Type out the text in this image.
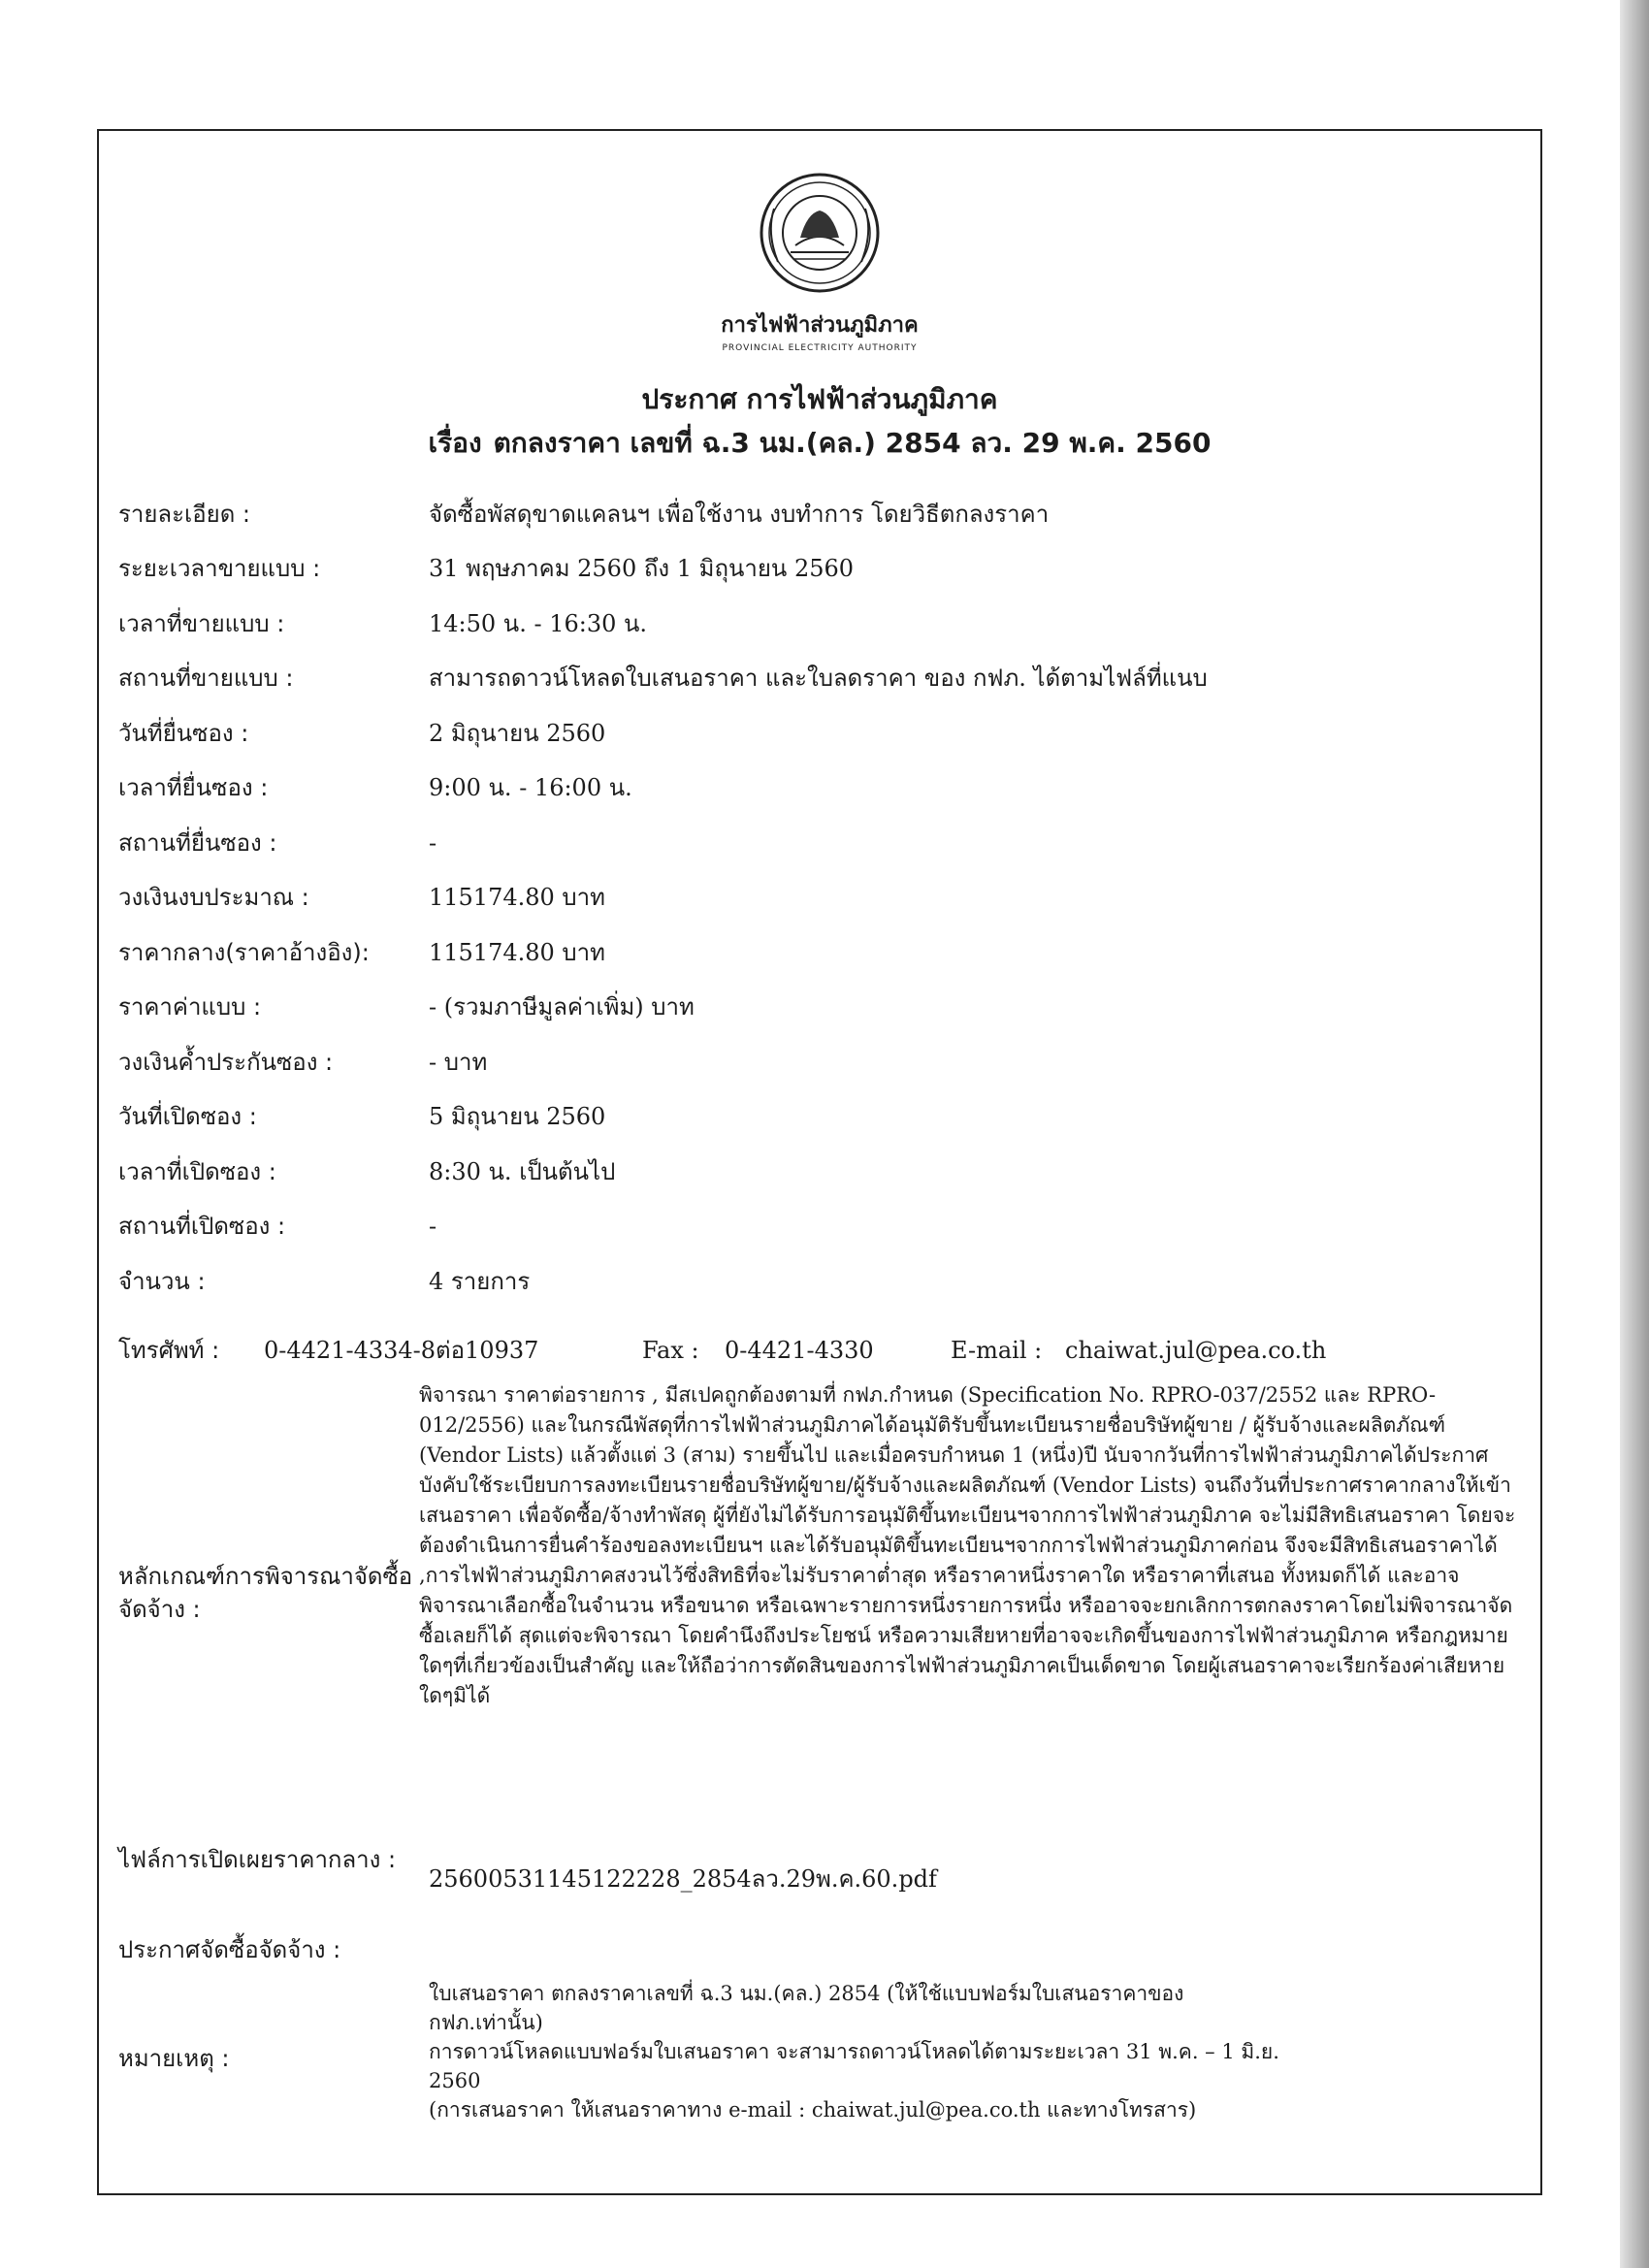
การไฟฟ้าส่วนภูมิภาค
PROVINCIAL ELECTRICITY AUTHORITY
ประกาศ การไฟฟ้าส่วนภูมิภาค
เรื่อง ตกลงราคา เลขที่ ฉ.3 นม.(คล.) 2854 ลว. 29 พ.ค. 2560
รายละเอียด :	จัดซื้อพัสดุขาดแคลนฯ เพื่อใช้งาน งบทำการ โดยวิธีตกลงราคา
ระยะเวลาขายแบบ :	31 พฤษภาคม 2560 ถึง 1 มิถุนายน 2560
เวลาที่ขายแบบ :	14:50 น. - 16:30 น.
สถานที่ขายแบบ :	สามารถดาวน์โหลดใบเสนอราคา และใบลดราคา ของ กฟภ. ได้ตามไฟล์ที่แนบ
วันที่ยื่นซอง :	2 มิถุนายน 2560
เวลาที่ยื่นซอง :	9:00 น. - 16:00 น.
สถานที่ยื่นซอง :	-
วงเงินงบประมาณ :	115174.80 บาท
ราคากลาง(ราคาอ้างอิง):	115174.80 บาท
ราคาค่าแบบ :	- (รวมภาษีมูลค่าเพิ่ม) บาท
วงเงินค้ำประกันซอง :	- บาท
วันที่เปิดซอง :	5 มิถุนายน 2560
เวลาที่เปิดซอง :	8:30 น. เป็นต้นไป
สถานที่เปิดซอง :	-
จำนวน :	4 รายการ
โทรศัพท์ : 0-4421-4334-8ต่อ10937	Fax : 0-4421-4330	E-mail : chaiwat.jul@pea.co.th
หลักเกณฑ์การพิจารณาจัดซื้อจัดจ้าง :
พิจารณา ราคาต่อรายการ , มีสเปคถูกต้องตามที่ กฟภ.กำหนด (Specification No. RPRO-037/2552 และ RPRO-012/2556) และในกรณีพัสดุที่การไฟฟ้าส่วนภูมิภาคได้อนุมัติรับขึ้นทะเบียนรายชื่อบริษัทผู้ขาย / ผู้รับจ้างและผลิตภัณฑ์ (Vendor Lists) แล้วตั้งแต่ 3 (สาม) รายขึ้นไป และเมื่อครบกำหนด 1 (หนึ่ง)ปี นับจากวันที่การไฟฟ้าส่วนภูมิภาคได้ประกาศบังคับใช้ระเบียบการลงทะเบียนรายชื่อบริษัทผู้ขาย/ผู้รับจ้างและผลิตภัณฑ์ (Vendor Lists) จนถึงวันที่ประกาศราคากลางให้เข้าเสนอราคา เพื่อจัดซื้อ/จ้างทำพัสดุ ผู้ที่ยังไม่ได้รับการอนุมัติขึ้นทะเบียนฯจากการไฟฟ้าส่วนภูมิภาค จะไม่มีสิทธิเสนอราคา โดยจะต้องดำเนินการยื่นคำร้องขอลงทะเบียนฯ และได้รับอนุมัติขึ้นทะเบียนฯจากการไฟฟ้าส่วนภูมิภาคก่อน จึงจะมีสิทธิเสนอราคาได้ ,การไฟฟ้าส่วนภูมิภาคสงวนไว้ซึ่งสิทธิที่จะไม่รับราคาต่ำสุด หรือราคาหนึ่งราคาใด หรือราคาที่เสนอ ทั้งหมดก็ได้ และอาจพิจารณาเลือกซื้อในจำนวน หรือขนาด หรือเฉพาะรายการหนึ่งรายการหนึ่ง หรืออาจจะยกเลิกการตกลงราคาโดยไม่พิจารณาจัดซื้อเลยก็ได้ สุดแต่จะพิจารณา โดยคำนึงถึงประโยชน์ หรือความเสียหายที่อาจจะเกิดขึ้นของการไฟฟ้าส่วนภูมิภาค หรือกฎหมายใดๆที่เกี่ยวข้องเป็นสำคัญ และให้ถือว่าการตัดสินของการไฟฟ้าส่วนภูมิภาคเป็นเด็ดขาด โดยผู้เสนอราคาจะเรียกร้องค่าเสียหายใดๆมิได้
ไฟล์การเปิดเผยราคากลาง :
25600531145122228_2854ลว.29พ.ค.60.pdf
ประกาศจัดซื้อจัดจ้าง :
หมายเหตุ :
ใบเสนอราคา ตกลงราคาเลขที่ ฉ.3 นม.(คล.) 2854 (ให้ใช้แบบฟอร์มใบเสนอราคาของ
กฟภ.เท่านั้น)
การดาวน์โหลดแบบฟอร์มใบเสนอราคา จะสามารถดาวน์โหลดได้ตามระยะเวลา 31 พ.ค. – 1 มิ.ย.
2560
(การเสนอราคา ให้เสนอราคาทาง e-mail : chaiwat.jul@pea.co.th และทางโทรสาร)
